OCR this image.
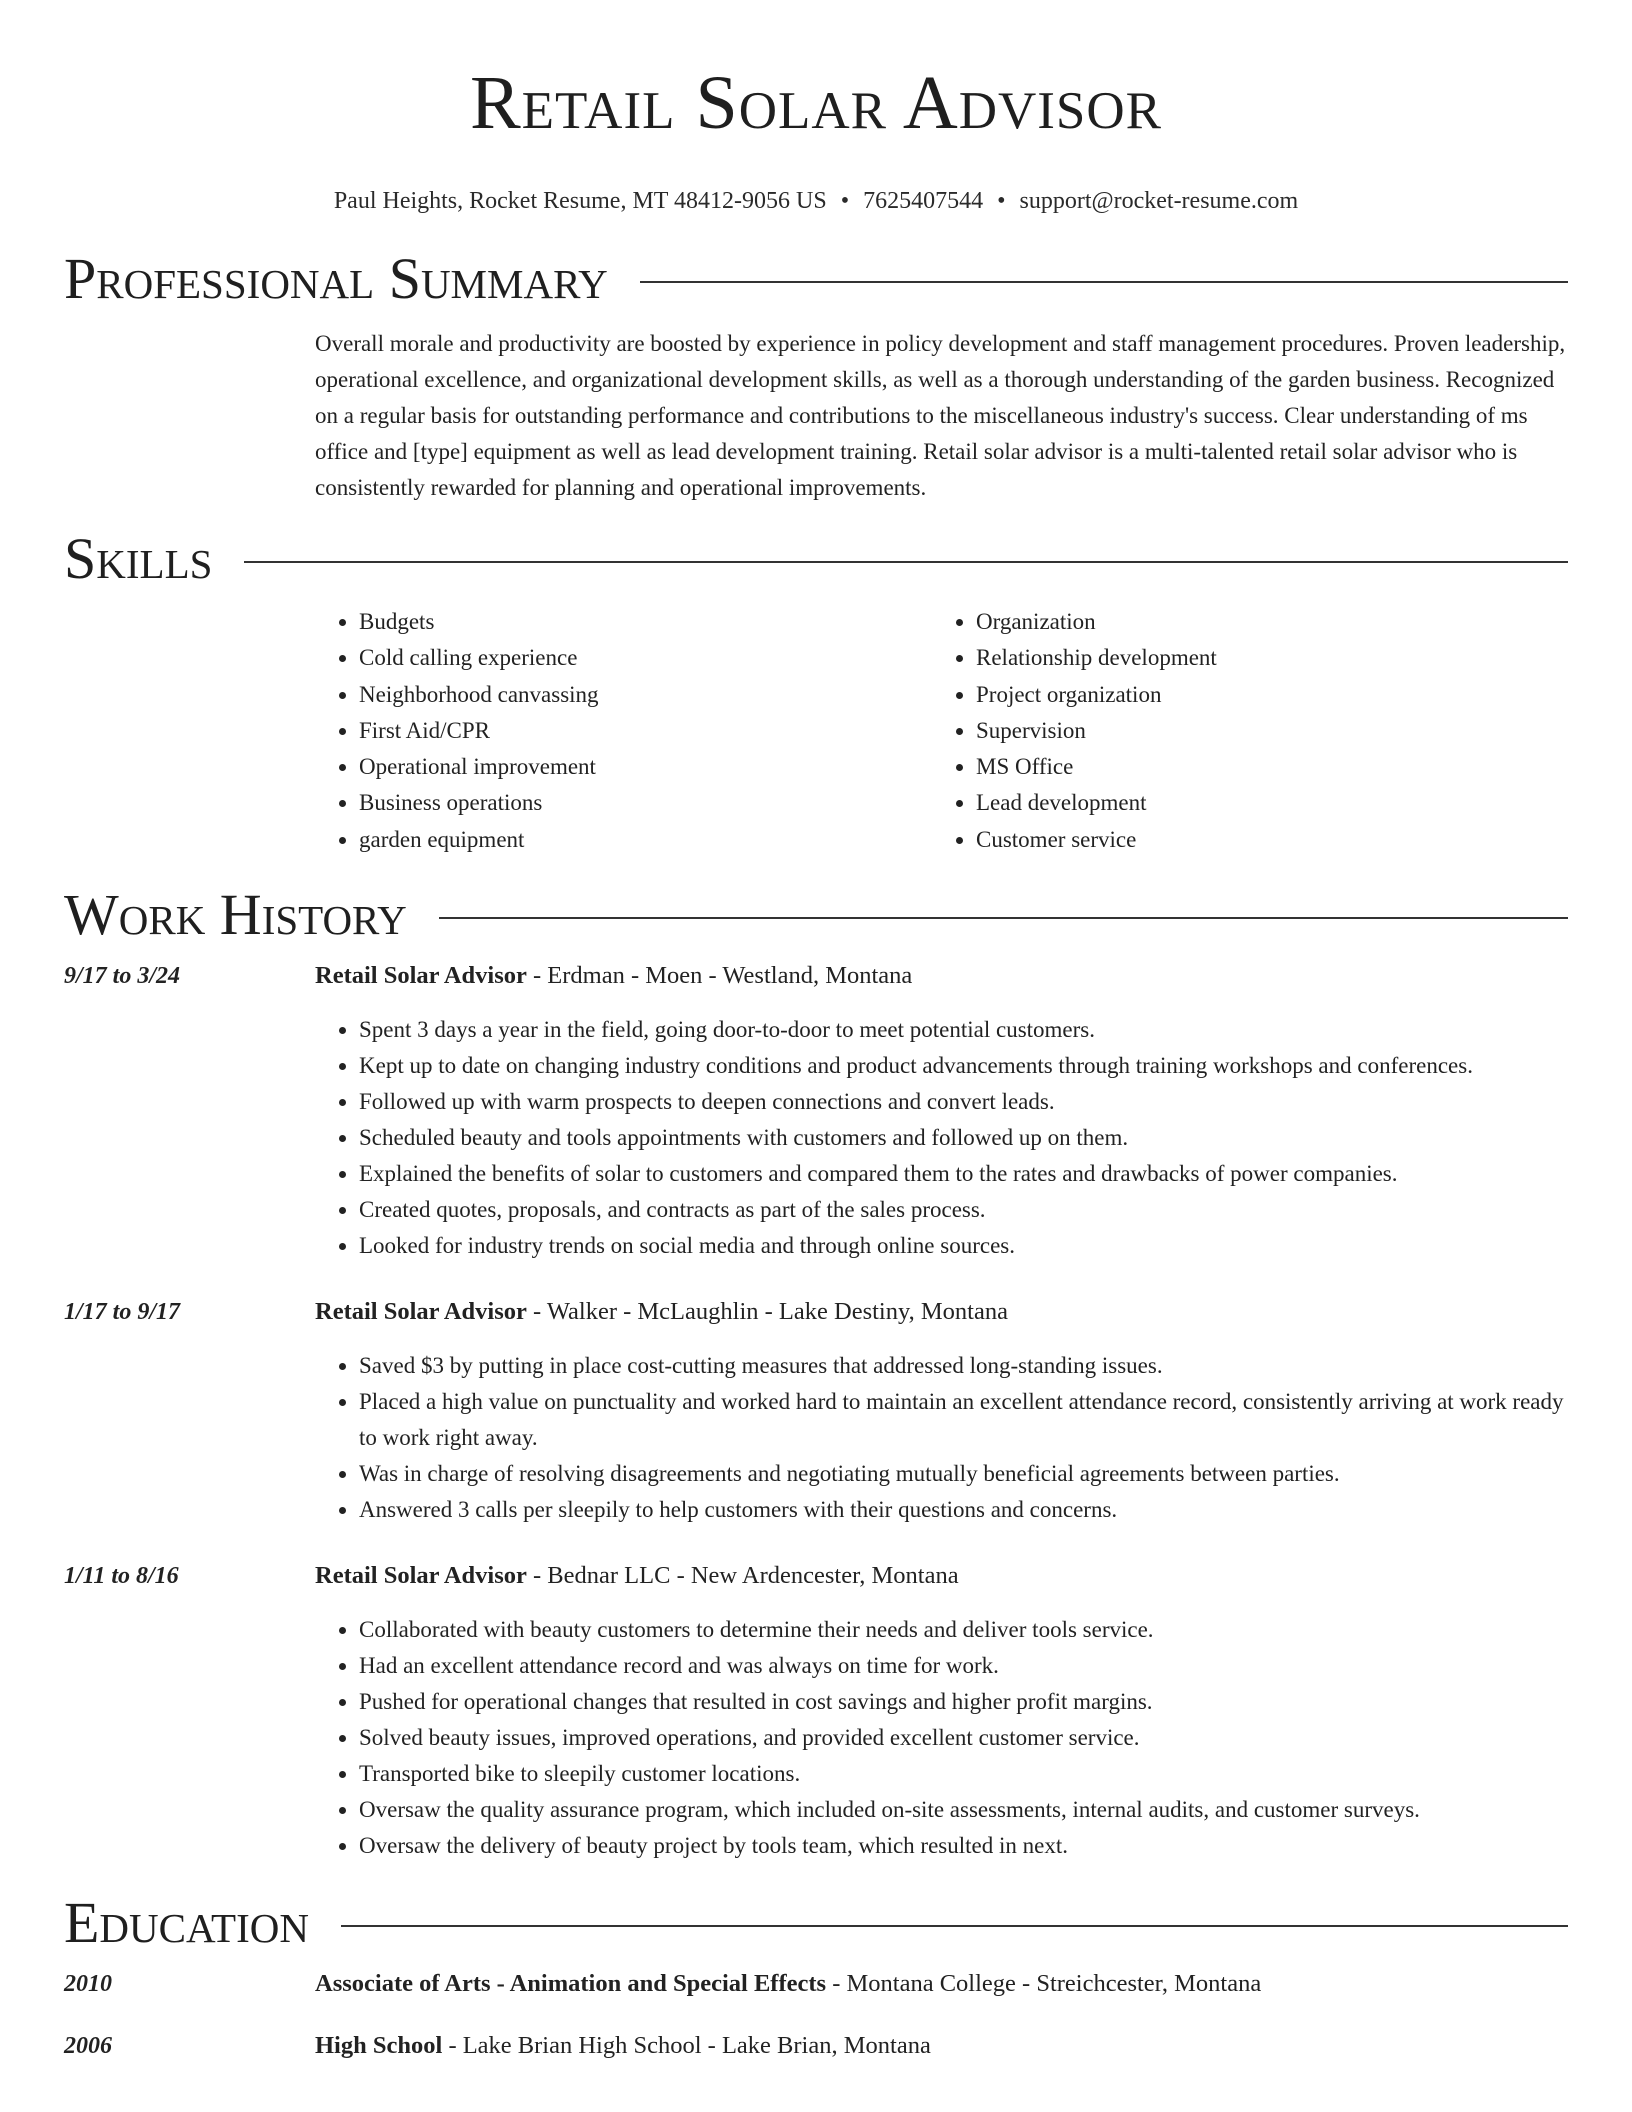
Retail Solar Advisor
Paul Heights, Rocket Resume, MT 48412-9056 US • 7625407544 • support@rocket-resume.com
Professional Summary
Overall morale and productivity are boosted by experience in policy development and staff management procedures. Proven leadership, operational excellence, and organizational development skills, as well as a thorough understanding of the garden business. Recognized on a regular basis for outstanding performance and contributions to the miscellaneous industry's success. Clear understanding of ms office and [type] equipment as well as lead development training. Retail solar advisor is a multi-talented retail solar advisor who is consistently rewarded for planning and operational improvements.
Skills
• Budgets
• Cold calling experience
• Neighborhood canvassing
• First Aid/CPR
• Operational improvement
• Business operations
• garden equipment
• Organization
• Relationship development
• Project organization
• Supervision
• MS Office
• Lead development
• Customer service
Work History
9/17 to 3/24	Retail Solar Advisor - Erdman - Moen - Westland, Montana
• Spent 3 days a year in the field, going door-to-door to meet potential customers.
• Kept up to date on changing industry conditions and product advancements through training workshops and conferences.
• Followed up with warm prospects to deepen connections and convert leads.
• Scheduled beauty and tools appointments with customers and followed up on them.
• Explained the benefits of solar to customers and compared them to the rates and drawbacks of power companies.
• Created quotes, proposals, and contracts as part of the sales process.
• Looked for industry trends on social media and through online sources.
1/17 to 9/17	Retail Solar Advisor - Walker - McLaughlin - Lake Destiny, Montana
• Saved $3 by putting in place cost-cutting measures that addressed long-standing issues.
• Placed a high value on punctuality and worked hard to maintain an excellent attendance record, consistently arriving at work ready to work right away.
• Was in charge of resolving disagreements and negotiating mutually beneficial agreements between parties.
• Answered 3 calls per sleepily to help customers with their questions and concerns.
1/11 to 8/16	Retail Solar Advisor - Bednar LLC - New Ardencester, Montana
• Collaborated with beauty customers to determine their needs and deliver tools service.
• Had an excellent attendance record and was always on time for work.
• Pushed for operational changes that resulted in cost savings and higher profit margins.
• Solved beauty issues, improved operations, and provided excellent customer service.
• Transported bike to sleepily customer locations.
• Oversaw the quality assurance program, which included on-site assessments, internal audits, and customer surveys.
• Oversaw the delivery of beauty project by tools team, which resulted in next.
Education
2010	Associate of Arts - Animation and Special Effects - Montana College - Streichcester, Montana
2006	High School - Lake Brian High School - Lake Brian, Montana
